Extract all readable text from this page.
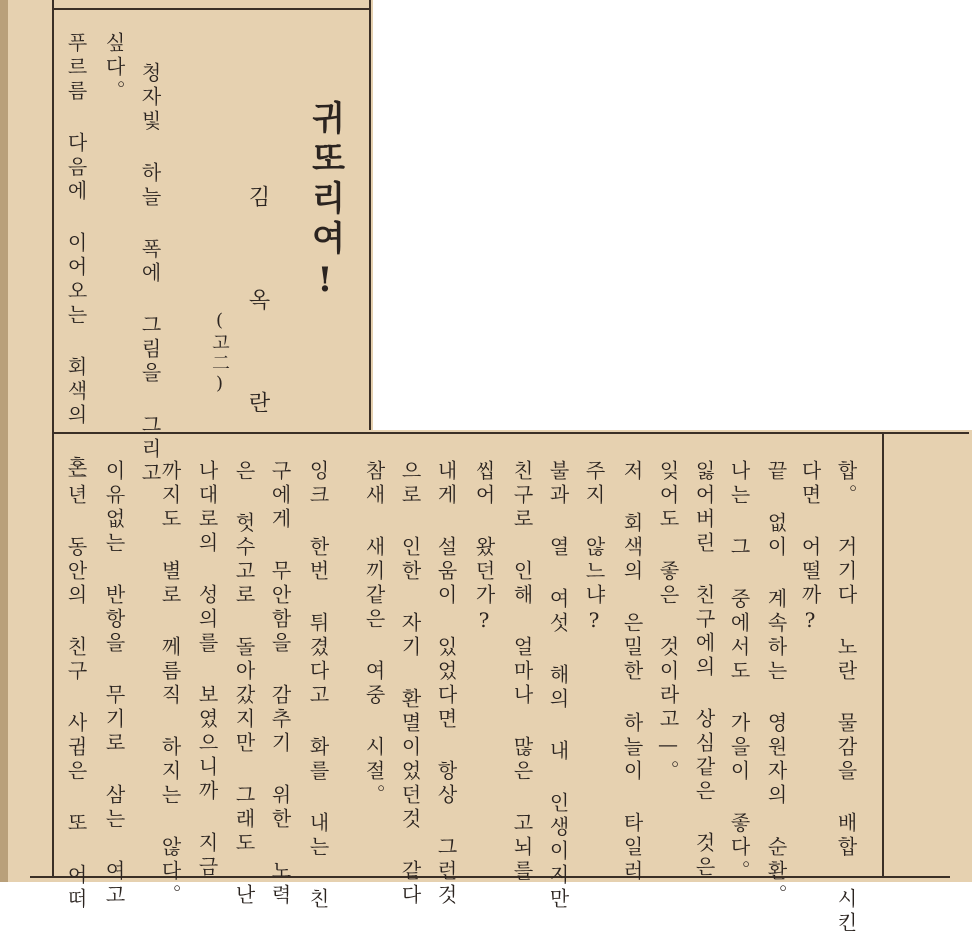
귀또리여!
김 옥 란
(고二)
청자빛 하늘 폭에 그림을 그리고
싶다。
푸르름 다음에 이어오는 회색의 혼
합。 거기다 노란 물감을 배합 시킨
다면 어떨까?
끝 없이 계속하는 영원자의 순환。
나는 그 중에서도 가을이 좋다。
잃어버린 친구에의 상심같은 것은
잊어도 좋은 것이라고—。
저 회색의 은밀한 하늘이 타일러
주지 않느냐?
불과 열 여섯 해의 내 인생이지만
친구로 인해 얼마나 많은 고뇌를
씹어 왔던가?
내게 설움이 있었다면 항상 그런것
으로 인한 자기 환멸이었던것 같다
참새 새끼같은 여중 시절。
잉크 한번 튀겼다고 화를 내는 친
구에게 무안함을 감추기 위한 노력
은 헛수고로 돌아갔지만 그래도 난
나대로의 성의를 보였으니까 지금
까지도 별로 께름직 하지는 않다。
이유없는 반항을 무기로 삼는 여고
二년 동안의 친구 사귐은 또 어떠
